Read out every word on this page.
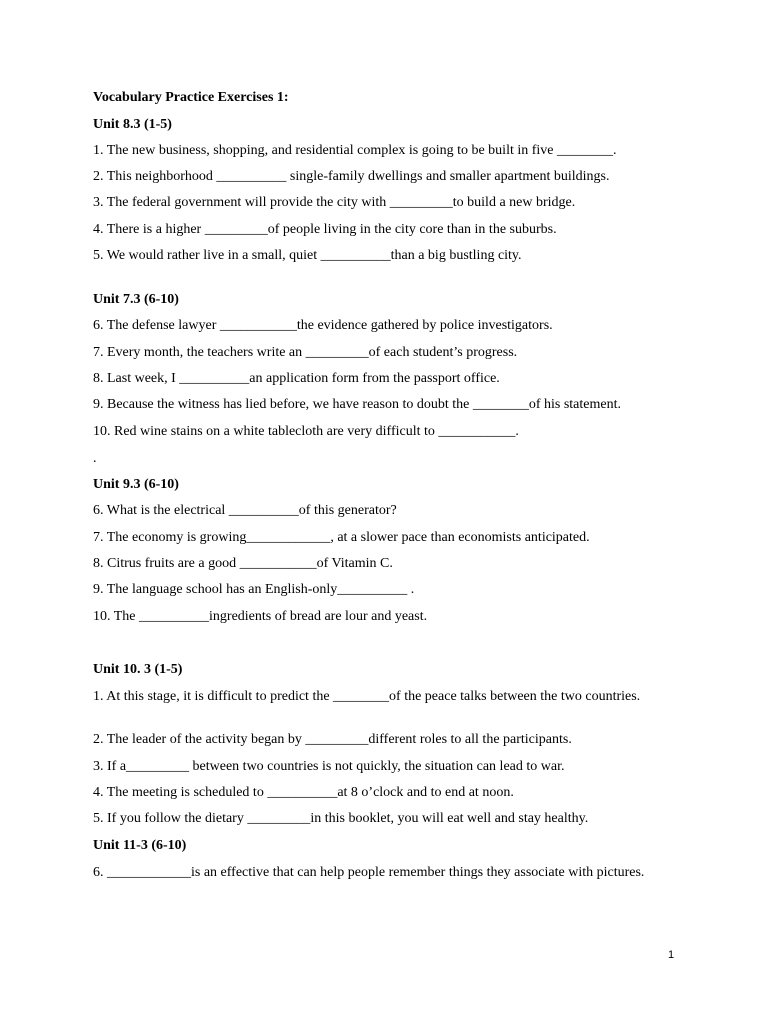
Vocabulary Practice Exercises 1:
Unit 8.3 (1-5)
1. The new business, shopping, and residential complex is going to be built in five ________.
2. This neighborhood __________ single-family dwellings and smaller apartment buildings.
3. The federal government will provide the city with _________to build a new bridge.
4. There is a higher _________of people living in the city core than in the suburbs.
5. We would rather live in a small, quiet __________than a big bustling city.
Unit 7.3 (6-10)
6. The defense lawyer ___________the evidence gathered by police investigators.
7. Every month, the teachers write an _________of each student’s progress.
8. Last week, I __________an application form from the passport office.
9. Because the witness has lied before, we have reason to doubt the ________of his statement.
10. Red wine stains on a white tablecloth are very difficult to ___________.
.
Unit 9.3 (6-10)
6. What is the electrical __________of this generator?
7. The economy is growing____________, at a slower pace than economists anticipated.
8. Citrus fruits are a good ___________of Vitamin C.
9. The language school has an English-only__________ .
10. The __________ingredients of bread are lour and yeast.
Unit 10. 3 (1-5)
1. At this stage, it is difficult to predict the ________of the peace talks between the two countries.
2. The leader of the activity began by _________different roles to all the participants.
3. If a_________ between two countries is not quickly, the situation can lead to war.
4. The meeting is scheduled to __________at 8 o’clock and to end at noon.
5. If you follow the dietary _________in this booklet, you will eat well and stay healthy.
Unit 11-3 (6-10)
6. ____________is an effective that can help people remember things they associate with pictures.
1
